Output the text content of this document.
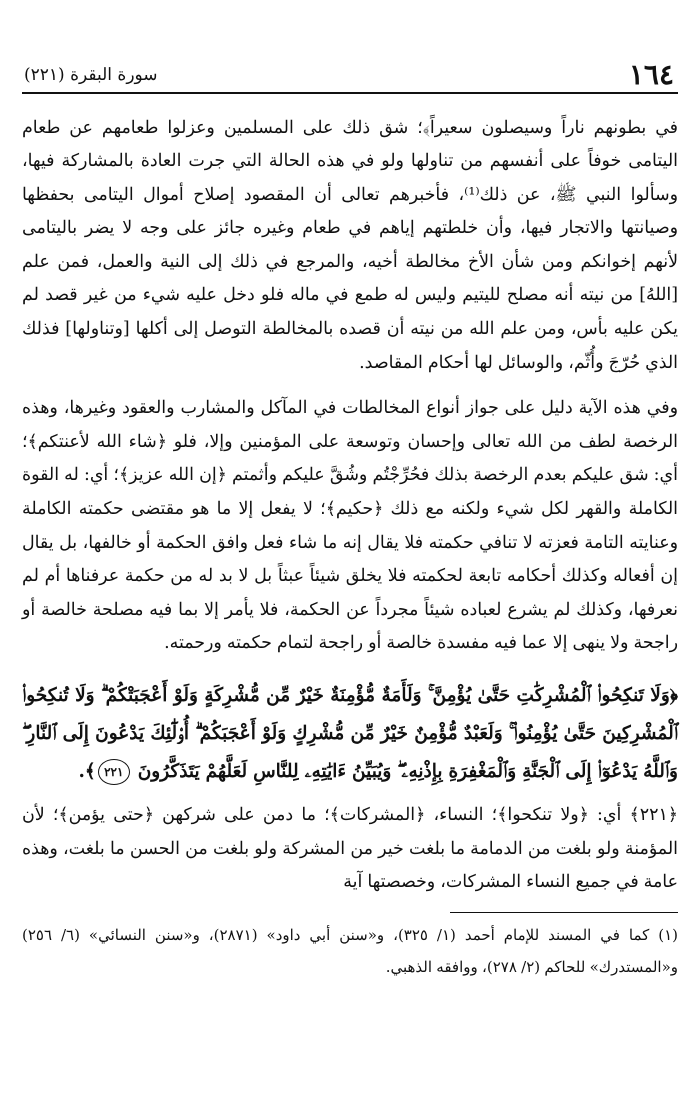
١٦٤
سورة البقرة (٢٢١)

في بطونهم ناراً وسيصلون سعيراً﴾؛ شق ذلك على المسلمين وعزلوا طعامهم عن طعام اليتامى خوفاً على أنفسهم من تناولها ولو في هذه الحالة التي جرت العادة بالمشاركة فيها، وسألوا النبي ﷺ، عن ذلك⁽¹⁾، فأخبرهم تعالى أن المقصود إصلاح أموال اليتامى بحفظها وصيانتها والاتجار فيها، وأن خلطتهم إياهم في طعام وغيره جائز على وجه لا يضر باليتامى لأنهم إخوانكم ومن شأن الأخ مخالطة أخيه، والمرجع في ذلك إلى النية والعمل، فمن علم [اللهُ] من نيته أنه مصلح لليتيم وليس له طمع في ماله فلو دخل عليه شيء من غير قصد لم يكن عليه بأس، ومن علم الله من نيته أن قصده بالمخالطة التوصل إلى أكلها [وتناولها] فذلك الذي حُرّجَ وأُثّم، والوسائل لها أحكام المقاصد.

وفي هذه الآية دليل على جواز أنواع المخالطات في المآكل والمشارب والعقود وغيرها، وهذه الرخصة لطف من الله تعالى وإحسان وتوسعة على المؤمنين وإلا، فلو ﴿شاء الله لأعنتكم﴾؛ أي: شق عليكم بعدم الرخصة بذلك فحُرِّجْتُم وشُقَّ عليكم وأثمتم ﴿إن الله عزيز﴾؛ أي: له القوة الكاملة والقهر لكل شيء ولكنه مع ذلك ﴿حكيم﴾؛ لا يفعل إلا ما هو مقتضى حكمته الكاملة وعنايته التامة فعزته لا تنافي حكمته فلا يقال إنه ما شاء فعل وافق الحكمة أو خالفها، بل يقال إن أفعاله وكذلك أحكامه تابعة لحكمته فلا يخلق شيئاً عبثاً بل لا بد له من حكمة عرفناها أم لم نعرفها، وكذلك لم يشرع لعباده شيئاً مجرداً عن الحكمة، فلا يأمر إلا بما فيه مصلحة خالصة أو راجحة ولا ينهى إلا عما فيه مفسدة خالصة أو راجحة لتمام حكمته ورحمته.

﴿وَلَا تَنكِحُوا۟ ٱلْمُشْرِكَٰتِ حَتَّىٰ يُؤْمِنَّ ۚ وَلَأَمَةٌ مُّؤْمِنَةٌ خَيْرٌ مِّن مُّشْرِكَةٍ وَلَوْ أَعْجَبَتْكُمْ ۗ وَلَا تُنكِحُوا۟ ٱلْمُشْرِكِينَ حَتَّىٰ يُؤْمِنُوا۟ ۚ وَلَعَبْدٌ مُّؤْمِنٌ خَيْرٌ مِّن مُّشْرِكٍ وَلَوْ أَعْجَبَكُمْ ۗ أُو۟لَٰٓئِكَ يَدْعُونَ إِلَى ٱلنَّارِ ۖ وَٱللَّهُ يَدْعُوٓا۟ إِلَى ٱلْجَنَّةِ وَٱلْمَغْفِرَةِ بِإِذْنِهِۦ ۖ وَيُبَيِّنُ ءَايَٰتِهِۦ لِلنَّاسِ لَعَلَّهُمْ يَتَذَكَّرُونَ
٢٢١
﴾.

﴿٢٢١﴾ أي: ﴿ولا تنكحوا﴾؛ النساء، ﴿المشركات﴾؛ ما دمن على شركهن ﴿حتى يؤمن﴾؛ لأن المؤمنة ولو بلغت من الدمامة ما بلغت خير من المشركة ولو بلغت من الحسن ما بلغت، وهذه عامة في جميع النساء المشركات، وخصصتها آية

(١) كما في المسند للإمام أحمد (١/ ٣٢٥)، و«سنن أبي داود» (٢٨٧١)، و«سنن النسائي» (٦/ ٢٥٦) و«المستدرك» للحاكم (٢/ ٢٧٨)، ووافقه الذهبي.
